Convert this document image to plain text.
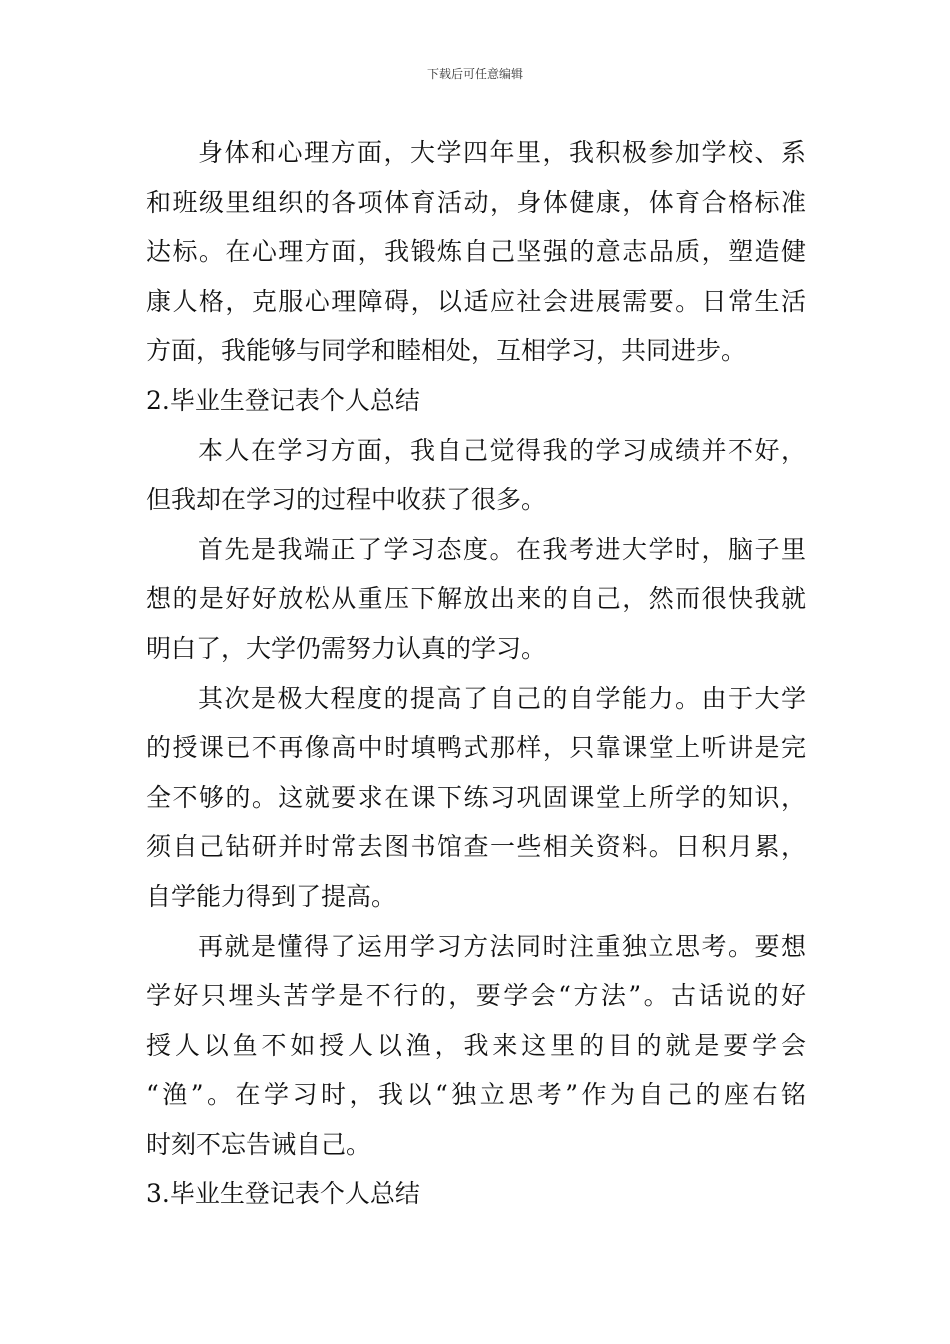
下载后可任意编辑
身体和心理方面，大学四年里，我积极参加学校、系
和班级里组织的各项体育活动，身体健康，体育合格标准
达标。在心理方面，我锻炼自己坚强的意志品质，塑造健
康人格，克服心理障碍，以适应社会进展需要。日常生活
方面，我能够与同学和睦相处，互相学习，共同进步。
2.毕业生登记表个人总结
本人在学习方面，我自己觉得我的学习成绩并不好，
但我却在学习的过程中收获了很多。
首先是我端正了学习态度。在我考进大学时，脑子里
想的是好好放松从重压下解放出来的自己，然而很快我就
明白了，大学仍需努力认真的学习。
其次是极大程度的提高了自己的自学能力。由于大学
的授课已不再像高中时填鸭式那样，只靠课堂上听讲是完
全不够的。这就要求在课下练习巩固课堂上所学的知识，
须自己钻研并时常去图书馆查一些相关资料。日积月累，
自学能力得到了提高。
再就是懂得了运用学习方法同时注重独立思考。要想
学好只埋头苦学是不行的，要学会“方法”。古话说的好
授人以鱼不如授人以渔，我来这里的目的就是要学会
“渔”。在学习时，我以“独立思考”作为自己的座右铭
时刻不忘告诫自己。
3.毕业生登记表个人总结
